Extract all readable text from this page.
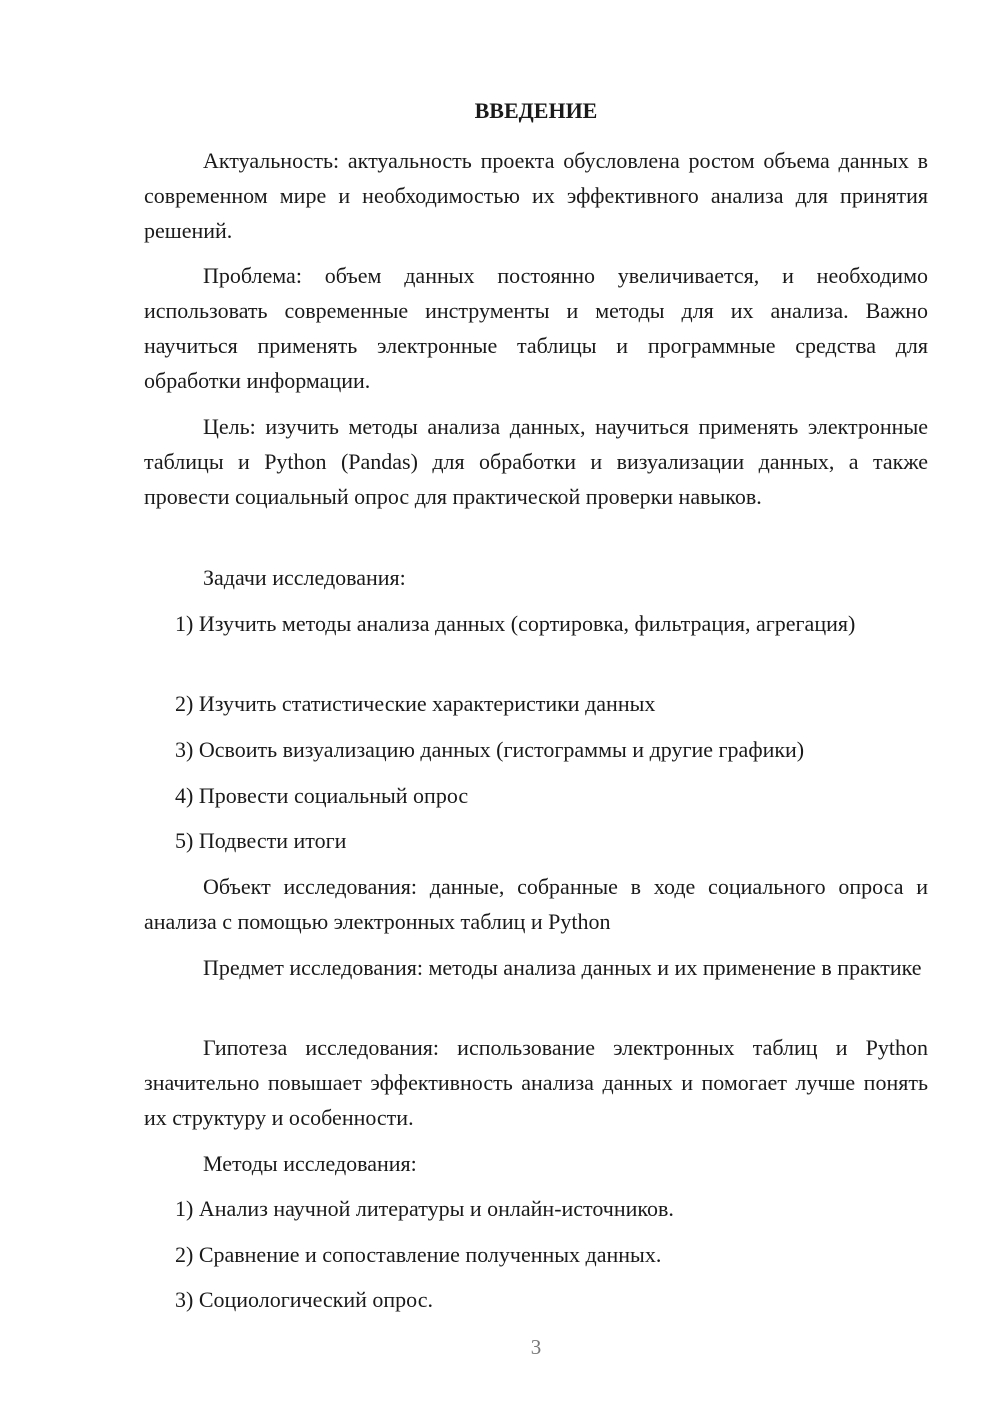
ВВЕДЕНИЕ

Актуальность: актуальность проекта обусловлена ростом объема данных в современном мире и необходимостью их эффективного анализа для принятия решений.

Проблема: объем данных постоянно увеличивается, и необходимо использовать современные инструменты и методы для их анализа. Важно научиться применять электронные таблицы и программные средства для обработки информации.

Цель: изучить методы анализа данных, научиться применять электронные таблицы и Python (Pandas) для обработки и визуализации данных, а также провести социальный опрос для практической проверки навыков.

Задачи исследования:

1) Изучить методы анализа данных (сортировка, фильтрация, агрегация)

2) Изучить статистические характеристики данных

3) Освоить визуализацию данных (гистограммы и другие графики)

4) Провести социальный опрос

5) Подвести итоги

Объект исследования: данные, собранные в ходе социального опроса и анализа с помощью электронных таблиц и Python

Предмет исследования: методы анализа данных и их применение в практике

Гипотеза исследования: использование электронных таблиц и Python значительно повышает эффективность анализа данных и помогает лучше понять их структуру и особенности.

Методы исследования:

1) Анализ научной литературы и онлайн-источников.

2) Сравнение и сопоставление полученных данных.

3) Социологический опрос.

3
